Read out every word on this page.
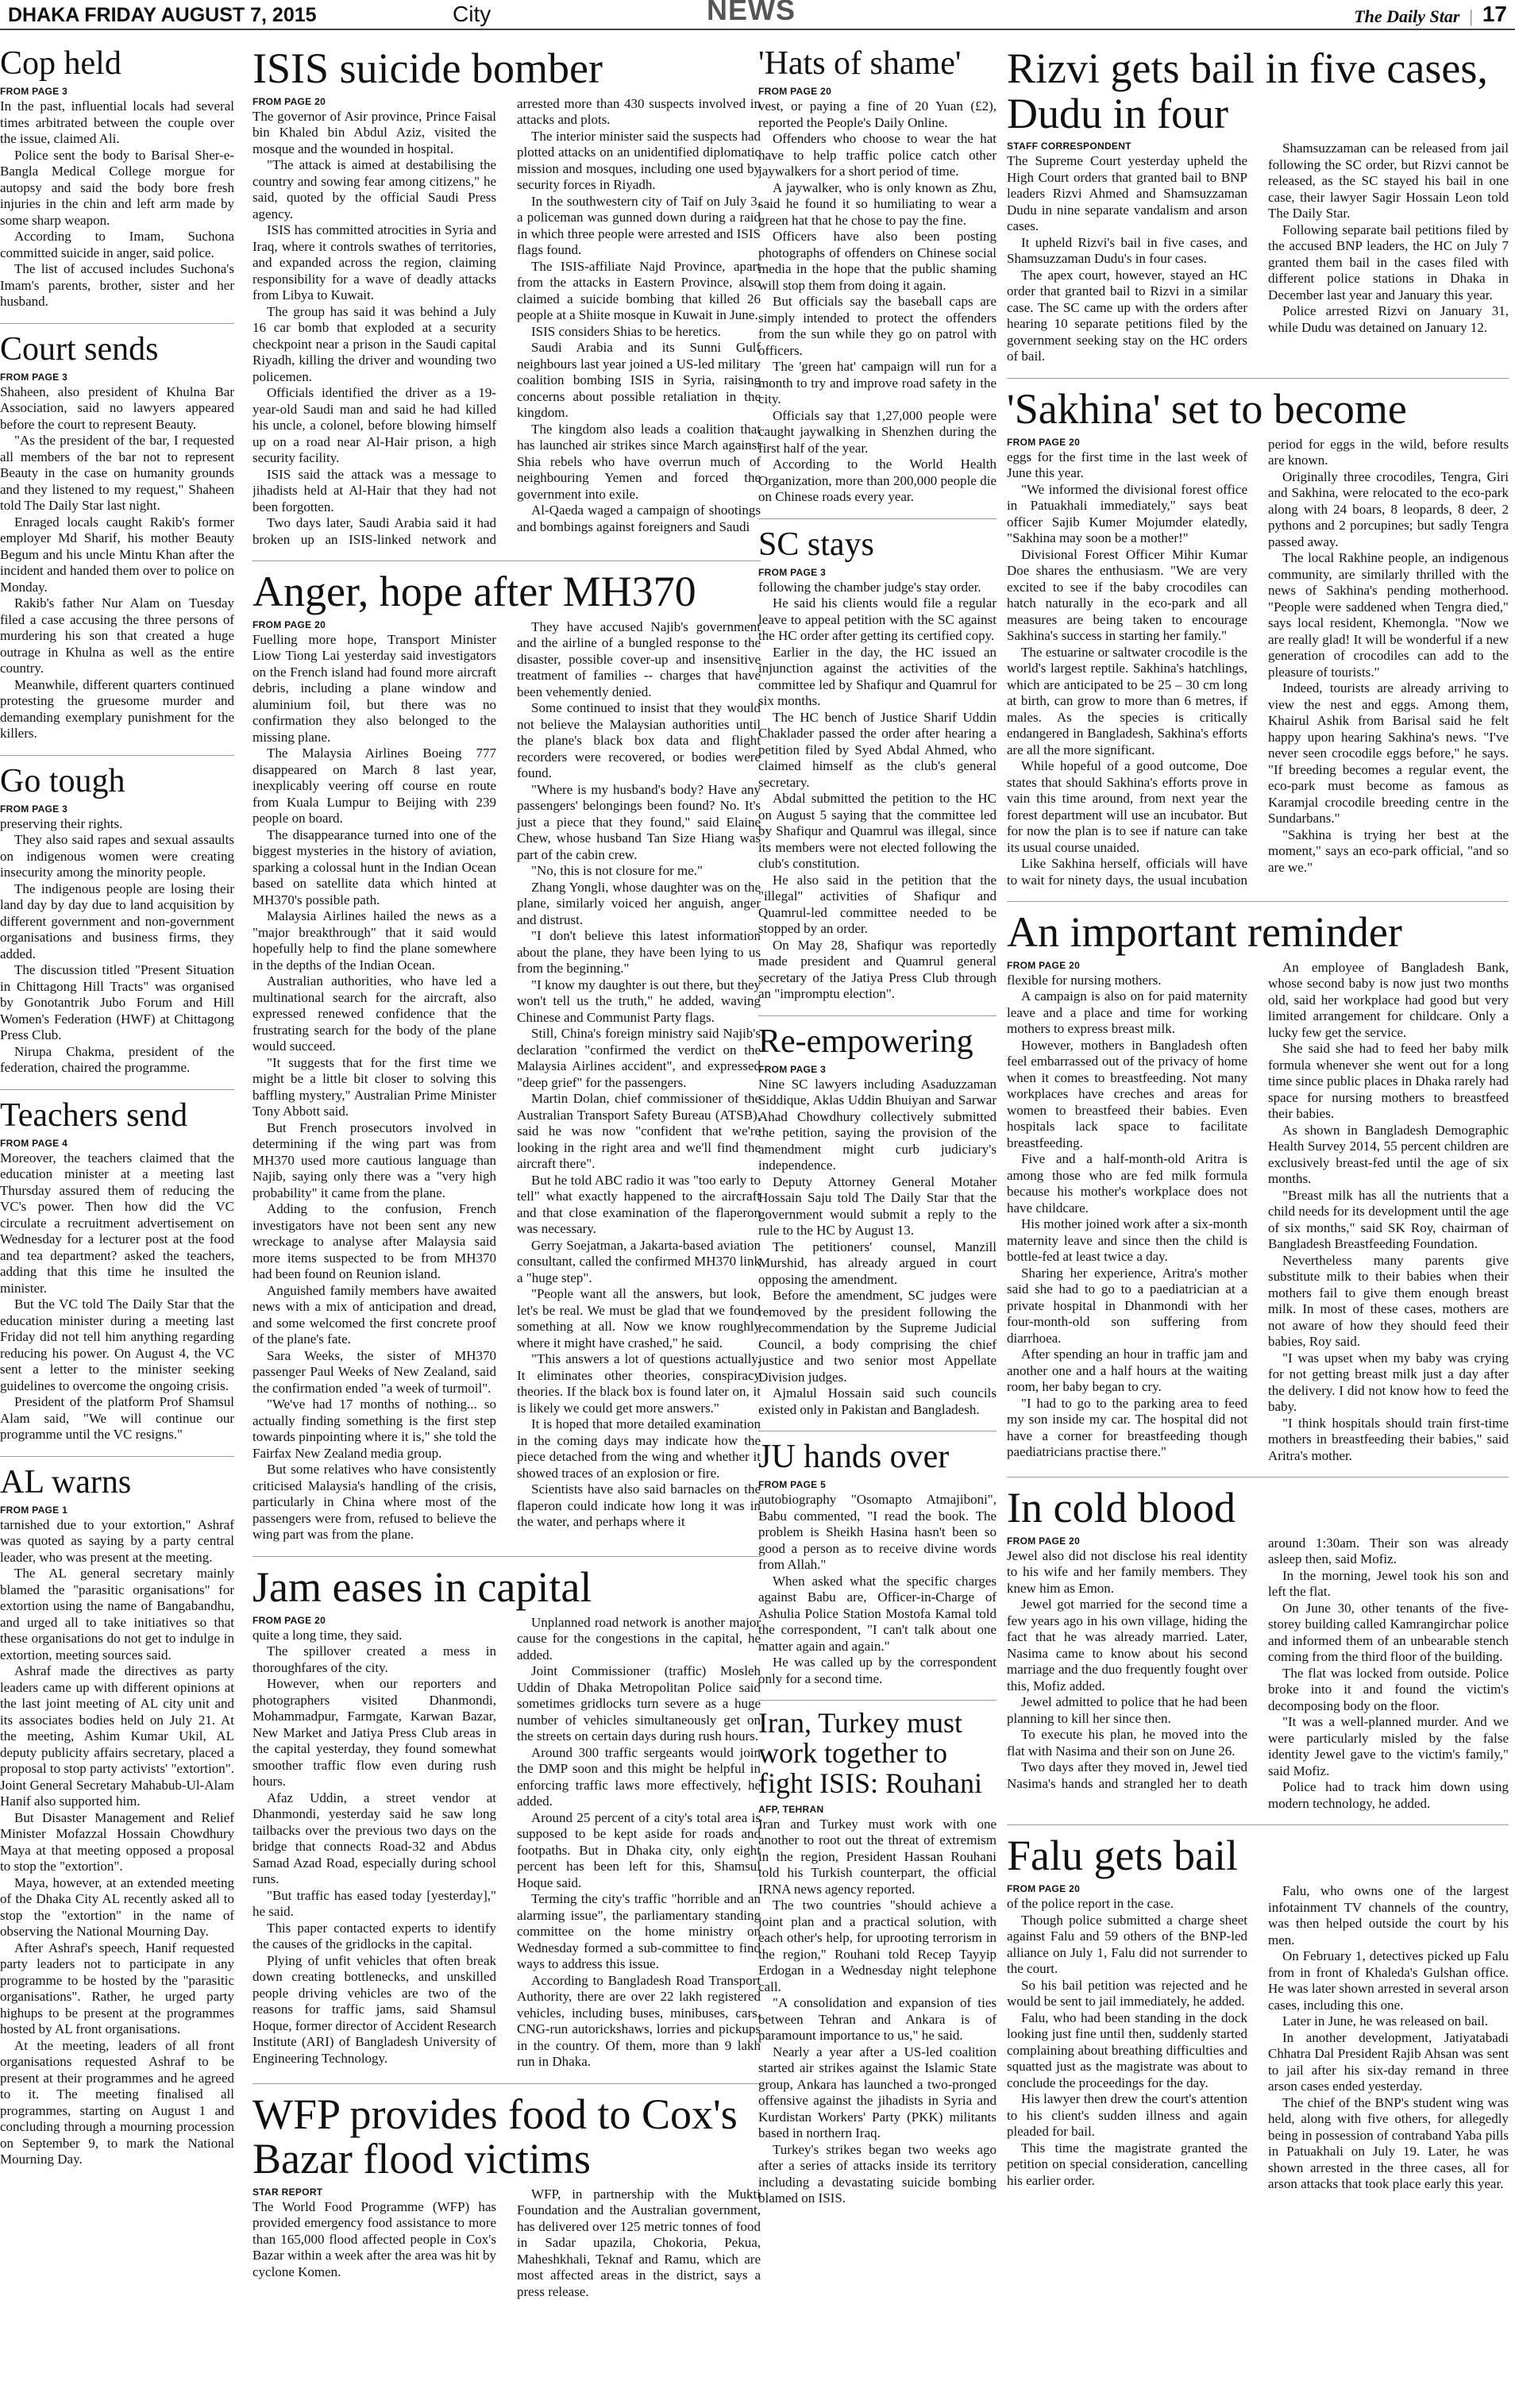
DHAKA FRIDAY AUGUST 7, 2015	City	NEWS	The Daily Star | 17
Cop held
FROM PAGE 3

In the past, influential locals had several times arbitrated between the couple over the issue, claimed Ali.

Police sent the body to Barisal Sher-e-Bangla Medical College morgue for autopsy and said the body bore fresh injuries in the chin and left arm made by some sharp weapon.

According to Imam, Suchona committed suicide in anger, said police.

The list of accused includes Suchona's Imam's parents, brother, sister and her husband.

Court sends
FROM PAGE 3

Shaheen, also president of Khulna Bar Association, said no lawyers appeared before the court to represent Beauty.

"As the president of the bar, I requested all members of the bar not to represent Beauty in the case on humanity grounds and they listened to my request," Shaheen told The Daily Star last night.

Enraged locals caught Rakib's former employer Md Sharif, his mother Beauty Begum and his uncle Mintu Khan after the incident and handed them over to police on Monday.

Rakib's father Nur Alam on Tuesday filed a case accusing the three persons of murdering his son that created a huge outrage in Khulna as well as the entire country.

Meanwhile, different quarters continued protesting the gruesome murder and demanding exemplary punishment for the killers.

Go tough
FROM PAGE 3

preserving their rights.

They also said rapes and sexual assaults on indigenous women were creating insecurity among the minority people.

The indigenous people are losing their land day by day due to land acquisition by different government and non-government organisations and business firms, they added.

The discussion titled "Present Situation in Chittagong Hill Tracts" was organised by Gonotantrik Jubo Forum and Hill Women's Federation (HWF) at Chittagong Press Club.

Nirupa Chakma, president of the federation, chaired the programme.

Teachers send
FROM PAGE 4

Moreover, the teachers claimed that the education minister at a meeting last Thursday assured them of reducing the VC's power. Then how did the VC circulate a recruitment advertisement on Wednesday for a lecturer post at the food and tea department? asked the teachers, adding that this time he insulted the minister.

But the VC told The Daily Star that the education minister during a meeting last Friday did not tell him anything regarding reducing his power. On August 4, the VC sent a letter to the minister seeking guidelines to overcome the ongoing crisis.

President of the platform Prof Shamsul Alam said, "We will continue our programme until the VC resigns."

AL warns
FROM PAGE 1

tarnished due to your extortion," Ashraf was quoted as saying by a party central leader, who was present at the meeting.

The AL general secretary mainly blamed the "parasitic organisations" for extortion using the name of Bangabandhu, and urged all to take initiatives so that these organisations do not get to indulge in extortion, meeting sources said.

Ashraf made the directives as party leaders came up with different opinions at the last joint meeting of AL city unit and its associates bodies held on July 21. At the meeting, Ashim Kumar Ukil, AL deputy publicity affairs secretary, placed a proposal to stop party activists' "extortion". Joint General Secretary Mahabub-Ul-Alam Hanif also supported him.

But Disaster Management and Relief Minister Mofazzal Hossain Chowdhury Maya at that meeting opposed a proposal to stop the "extortion".

Maya, however, at an extended meeting of the Dhaka City AL recently asked all to stop the "extortion" in the name of observing the National Mourning Day.

After Ashraf's speech, Hanif requested party leaders not to participate in any programme to be hosted by the "parasitic organisations". Rather, he urged party highups to be present at the programmes hosted by AL front organisations.

At the meeting, leaders of all front organisations requested Ashraf to be present at their programmes and he agreed to it. The meeting finalised all programmes, starting on August 1 and concluding through a mourning procession on September 9, to mark the National Mourning Day.

ISIS suicide bomber
FROM PAGE 20

The governor of Asir province, Prince Faisal bin Khaled bin Abdul Aziz, visited the mosque and the wounded in hospital.

"The attack is aimed at destabilising the country and sowing fear among citizens," he said, quoted by the official Saudi Press agency.

ISIS has committed atrocities in Syria and Iraq, where it controls swathes of territories, and expanded across the region, claiming responsibility for a wave of deadly attacks from Libya to Kuwait.

The group has said it was behind a July 16 car bomb that exploded at a security checkpoint near a prison in the Saudi capital Riyadh, killing the driver and wounding two policemen.

Officials identified the driver as a 19-year-old Saudi man and said he had killed his uncle, a colonel, before blowing himself up on a road near Al-Hair prison, a high security facility.

ISIS said the attack was a message to jihadists held at Al-Hair that they had not been forgotten.

Two days later, Saudi Arabia said it had broken up an ISIS-linked network and arrested more than 430 suspects involved in attacks and plots.

The interior minister said the suspects had plotted attacks on an unidentified diplomatic mission and mosques, including one used by security forces in Riyadh.

In the southwestern city of Taif on July 3, a policeman was gunned down during a raid in which three people were arrested and ISIS flags found.

The ISIS-affiliate Najd Province, apart from the attacks in Eastern Province, also claimed a suicide bombing that killed 26 people at a Shiite mosque in Kuwait in June.

ISIS considers Shias to be heretics.

Saudi Arabia and its Sunni Gulf neighbours last year joined a US-led military coalition bombing ISIS in Syria, raising concerns about possible retaliation in the kingdom.

The kingdom also leads a coalition that has launched air strikes since March against Shia rebels who have overrun much of neighbouring Yemen and forced the government into exile.

Al-Qaeda waged a campaign of shootings and bombings against foreigners and Saudi

Anger, hope after MH370
FROM PAGE 20

Fuelling more hope, Transport Minister Liow Tiong Lai yesterday said investigators on the French island had found more aircraft debris, including a plane window and aluminium foil, but there was no confirmation they also belonged to the missing plane.

The Malaysia Airlines Boeing 777 disappeared on March 8 last year, inexplicably veering off course en route from Kuala Lumpur to Beijing with 239 people on board.

The disappearance turned into one of the biggest mysteries in the history of aviation, sparking a colossal hunt in the Indian Ocean based on satellite data which hinted at MH370's possible path.

Malaysia Airlines hailed the news as a "major breakthrough" that it said would hopefully help to find the plane somewhere in the depths of the Indian Ocean.

Australian authorities, who have led a multinational search for the aircraft, also expressed renewed confidence that the frustrating search for the body of the plane would succeed.

"It suggests that for the first time we might be a little bit closer to solving this baffling mystery," Australian Prime Minister Tony Abbott said.

But French prosecutors involved in determining if the wing part was from MH370 used more cautious language than Najib, saying only there was a "very high probability" it came from the plane.

Adding to the confusion, French investigators have not been sent any new wreckage to analyse after Malaysia said more items suspected to be from MH370 had been found on Reunion island.

Anguished family members have awaited news with a mix of anticipation and dread, and some welcomed the first concrete proof of the plane's fate.

Sara Weeks, the sister of MH370 passenger Paul Weeks of New Zealand, said the confirmation ended "a week of turmoil".

"We've had 17 months of nothing... so actually finding something is the first step towards pinpointing where it is," she told the Fairfax New Zealand media group.

But some relatives who have consistently criticised Malaysia's handling of the crisis, particularly in China where most of the passengers were from, refused to believe the wing part was from the plane.

They have accused Najib's government and the airline of a bungled response to the disaster, possible cover-up and insensitive treatment of families -- charges that have been vehemently denied.

Some continued to insist that they would not believe the Malaysian authorities until the plane's black box data and flight recorders were recovered, or bodies were found.

"Where is my husband's body? Have any passengers' belongings been found? No. It's just a piece that they found," said Elaine Chew, whose husband Tan Size Hiang was part of the cabin crew.

"No, this is not closure for me."

Zhang Yongli, whose daughter was on the plane, similarly voiced her anguish, anger and distrust.

"I don't believe this latest information about the plane, they have been lying to us from the beginning."

"I know my daughter is out there, but they won't tell us the truth," he added, waving Chinese and Communist Party flags.

Still, China's foreign ministry said Najib's declaration "confirmed the verdict on the Malaysia Airlines accident", and expressed "deep grief" for the passengers.

Martin Dolan, chief commissioner of the Australian Transport Safety Bureau (ATSB), said he was now "confident that we're looking in the right area and we'll find the aircraft there".

But he told ABC radio it was "too early to tell" what exactly happened to the aircraft and that close examination of the flaperon was necessary.

Gerry Soejatman, a Jakarta-based aviation consultant, called the confirmed MH370 link a "huge step".

"People want all the answers, but look, let's be real. We must be glad that we found something at all. Now we know roughly where it might have crashed," he said.

"This answers a lot of questions actually. It eliminates other theories, conspiracy theories. If the black box is found later on, it is likely we could get more answers."

It is hoped that more detailed examination in the coming days may indicate how the piece detached from the wing and whether it showed traces of an explosion or fire.

Scientists have also said barnacles on the flaperon could indicate how long it was in the water, and perhaps where it

Jam eases in capital
FROM PAGE 20

quite a long time, they said.

The spillover created a mess in thoroughfares of the city.

However, when our reporters and photographers visited Dhanmondi, Mohammadpur, Farmgate, Karwan Bazar, New Market and Jatiya Press Club areas in the capital yesterday, they found somewhat smoother traffic flow even during rush hours.

Afaz Uddin, a street vendor at Dhanmondi, yesterday said he saw long tailbacks over the previous two days on the bridge that connects Road-32 and Abdus Samad Azad Road, especially during school runs.

"But traffic has eased today [yesterday]," he said.

This paper contacted experts to identify the causes of the gridlocks in the capital.

Plying of unfit vehicles that often break down creating bottlenecks, and unskilled people driving vehicles are two of the reasons for traffic jams, said Shamsul Hoque, former director of Accident Research Institute (ARI) of Bangladesh University of Engineering Technology.

Unplanned road network is another major cause for the congestions in the capital, he added.

Joint Commissioner (traffic) Mosleh Uddin of Dhaka Metropolitan Police said sometimes gridlocks turn severe as a huge number of vehicles simultaneously get on the streets on certain days during rush hours.

Around 300 traffic sergeants would join the DMP soon and this might be helpful in enforcing traffic laws more effectively, he added.

Around 25 percent of a city's total area is supposed to be kept aside for roads and footpaths. But in Dhaka city, only eight percent has been left for this, Shamsul Hoque said.

Terming the city's traffic "horrible and an alarming issue", the parliamentary standing committee on the home ministry on Wednesday formed a sub-committee to find ways to address this issue.

According to Bangladesh Road Transport Authority, there are over 22 lakh registered vehicles, including buses, minibuses, cars, CNG-run autorickshaws, lorries and pickups in the country. Of them, more than 9 lakh run in Dhaka.

WFP provides food to Cox's Bazar flood victims
STAR REPORT

The World Food Programme (WFP) has provided emergency food assistance to more than 165,000 flood affected people in Cox's Bazar within a week after the area was hit by cyclone Komen.

WFP, in partnership with the Mukti Foundation and the Australian government, has delivered over 125 metric tonnes of food in Sadar upazila, Chokoria, Pekua, Maheshkhali, Teknaf and Ramu, which are most affected areas in the district, says a press release.

'Hats of shame'
FROM PAGE 20

vest, or paying a fine of 20 Yuan (£2), reported the People's Daily Online.

Offenders who choose to wear the hat have to help traffic police catch other jaywalkers for a short period of time.

A jaywalker, who is only known as Zhu, said he found it so humiliating to wear a green hat that he chose to pay the fine.

Officers have also been posting photographs of offenders on Chinese social media in the hope that the public shaming will stop them from doing it again.

But officials say the baseball caps are simply intended to protect the offenders from the sun while they go on patrol with officers.

The 'green hat' campaign will run for a month to try and improve road safety in the city.

Officials say that 1,27,000 people were caught jaywalking in Shenzhen during the first half of the year.

According to the World Health Organization, more than 200,000 people die on Chinese roads every year.

SC stays
FROM PAGE 3

following the chamber judge's stay order.

He said his clients would file a regular leave to appeal petition with the SC against the HC order after getting its certified copy.

Earlier in the day, the HC issued an injunction against the activities of the committee led by Shafiqur and Quamrul for six months.

The HC bench of Justice Sharif Uddin Chaklader passed the order after hearing a petition filed by Syed Abdal Ahmed, who claimed himself as the club's general secretary.

Abdal submitted the petition to the HC on August 5 saying that the committee led by Shafiqur and Quamrul was illegal, since its members were not elected following the club's constitution.

He also said in the petition that the "illegal" activities of Shafiqur and Quamrul-led committee needed to be stopped by an order.

On May 28, Shafiqur was reportedly made president and Quamrul general secretary of the Jatiya Press Club through an "impromptu election".

Re-empowering
FROM PAGE 3

Nine SC lawyers including Asaduzzaman Siddique, Aklas Uddin Bhuiyan and Sarwar Ahad Chowdhury collectively submitted the petition, saying the provision of the amendment might curb judiciary's independence.

Deputy Attorney General Motaher Hossain Saju told The Daily Star that the government would submit a reply to the rule to the HC by August 13.

The petitioners' counsel, Manzill Murshid, has already argued in court opposing the amendment.

Before the amendment, SC judges were removed by the president following the recommendation by the Supreme Judicial Council, a body comprising the chief justice and two senior most Appellate Division judges.

Ajmalul Hossain said such councils existed only in Pakistan and Bangladesh.

JU hands over
FROM PAGE 5

autobiography "Osomapto Atmajiboni", Babu commented, "I read the book. The problem is Sheikh Hasina hasn't been so good a person as to receive divine words from Allah."

When asked what the specific charges against Babu are, Officer-in-Charge of Ashulia Police Station Mostofa Kamal told the correspondent, "I can't talk about one matter again and again."

He was called up by the correspondent only for a second time.

Iran, Turkey must work together to fight ISIS: Rouhani
AFP, TEHRAN

Iran and Turkey must work with one another to root out the threat of extremism in the region, President Hassan Rouhani told his Turkish counterpart, the official IRNA news agency reported.

The two countries "should achieve a joint plan and a practical solution, with each other's help, for uprooting terrorism in the region," Rouhani told Recep Tayyip Erdogan in a Wednesday night telephone call.

"A consolidation and expansion of ties between Tehran and Ankara is of paramount importance to us," he said.

Nearly a year after a US-led coalition started air strikes against the Islamic State group, Ankara has launched a two-pronged offensive against the jihadists in Syria and Kurdistan Workers' Party (PKK) militants based in northern Iraq.

Turkey's strikes began two weeks ago after a series of attacks inside its territory including a devastating suicide bombing blamed on ISIS.

Rizvi gets bail in five cases, Dudu in four
STAFF CORRESPONDENT

The Supreme Court yesterday upheld the High Court orders that granted bail to BNP leaders Rizvi Ahmed and Shamsuzzaman Dudu in nine separate vandalism and arson cases.

It upheld Rizvi's bail in five cases, and Shamsuzzaman Dudu's in four cases.

The apex court, however, stayed an HC order that granted bail to Rizvi in a similar case. The SC came up with the orders after hearing 10 separate petitions filed by the government seeking stay on the HC orders of bail.

Shamsuzzaman can be released from jail following the SC order, but Rizvi cannot be released, as the SC stayed his bail in one case, their lawyer Sagir Hossain Leon told The Daily Star.

Following separate bail petitions filed by the accused BNP leaders, the HC on July 7 granted them bail in the cases filed with different police stations in Dhaka in December last year and January this year.

Police arrested Rizvi on January 31, while Dudu was detained on January 12.

'Sakhina' set to become
FROM PAGE 20

eggs for the first time in the last week of June this year.

"We informed the divisional forest office in Patuakhali immediately," says beat officer Sajib Kumer Mojumder elatedly, "Sakhina may soon be a mother!"

Divisional Forest Officer Mihir Kumar Doe shares the enthusiasm. "We are very excited to see if the baby crocodiles can hatch naturally in the eco-park and all measures are being taken to encourage Sakhina's success in starting her family."

The estuarine or saltwater crocodile is the world's largest reptile. Sakhina's hatchlings, which are anticipated to be 25 – 30 cm long at birth, can grow to more than 6 metres, if males. As the species is critically endangered in Bangladesh, Sakhina's efforts are all the more significant.

While hopeful of a good outcome, Doe states that should Sakhina's efforts prove in vain this time around, from next year the forest department will use an incubator. But for now the plan is to see if nature can take its usual course unaided.

Like Sakhina herself, officials will have to wait for ninety days, the usual incubation period for eggs in the wild, before results are known.

Originally three crocodiles, Tengra, Giri and Sakhina, were relocated to the eco-park along with 24 boars, 8 leopards, 8 deer, 2 pythons and 2 porcupines; but sadly Tengra passed away.

The local Rakhine people, an indigenous community, are similarly thrilled with the news of Sakhina's pending motherhood. "People were saddened when Tengra died," says local resident, Khemongla. "Now we are really glad! It will be wonderful if a new generation of crocodiles can add to the pleasure of tourists."

Indeed, tourists are already arriving to view the nest and eggs. Among them, Khairul Ashik from Barisal said he felt happy upon hearing Sakhina's news. "I've never seen crocodile eggs before," he says. "If breeding becomes a regular event, the eco-park must become as famous as Karamjal crocodile breeding centre in the Sundarbans."

"Sakhina is trying her best at the moment," says an eco-park official, "and so are we."

An important reminder
FROM PAGE 20

flexible for nursing mothers.

A campaign is also on for paid maternity leave and a place and time for working mothers to express breast milk.

However, mothers in Bangladesh often feel embarrassed out of the privacy of home when it comes to breastfeeding. Not many workplaces have creches and areas for women to breastfeed their babies. Even hospitals lack space to facilitate breastfeeding.

Five and a half-month-old Aritra is among those who are fed milk formula because his mother's workplace does not have childcare.

His mother joined work after a six-month maternity leave and since then the child is bottle-fed at least twice a day.

Sharing her experience, Aritra's mother said she had to go to a paediatrician at a private hospital in Dhanmondi with her four-month-old son suffering from diarrhoea.

After spending an hour in traffic jam and another one and a half hours at the waiting room, her baby began to cry.

"I had to go to the parking area to feed my son inside my car. The hospital did not have a corner for breastfeeding though paediatricians practise there."

An employee of Bangladesh Bank, whose second baby is now just two months old, said her workplace had good but very limited arrangement for childcare. Only a lucky few get the service.

She said she had to feed her baby milk formula whenever she went out for a long time since public places in Dhaka rarely had space for nursing mothers to breastfeed their babies.

As shown in Bangladesh Demographic Health Survey 2014, 55 percent children are exclusively breast-fed until the age of six months.

"Breast milk has all the nutrients that a child needs for its development until the age of six months," said SK Roy, chairman of Bangladesh Breastfeeding Foundation.

Nevertheless many parents give substitute milk to their babies when their mothers fail to give them enough breast milk. In most of these cases, mothers are not aware of how they should feed their babies, Roy said.

"I was upset when my baby was crying for not getting breast milk just a day after the delivery. I did not know how to feed the baby.

"I think hospitals should train first-time mothers in breastfeeding their babies," said Aritra's mother.

In cold blood
FROM PAGE 20

Jewel also did not disclose his real identity to his wife and her family members. They knew him as Emon.

Jewel got married for the second time a few years ago in his own village, hiding the fact that he was already married. Later, Nasima came to know about his second marriage and the duo frequently fought over this, Mofiz added.

Jewel admitted to police that he had been planning to kill her since then.

To execute his plan, he moved into the flat with Nasima and their son on June 26.

Two days after they moved in, Jewel tied Nasima's hands and strangled her to death around 1:30am. Their son was already asleep then, said Mofiz.

In the morning, Jewel took his son and left the flat.

On June 30, other tenants of the five-storey building called Kamrangirchar police and informed them of an unbearable stench coming from the third floor of the building.

The flat was locked from outside. Police broke into it and found the victim's decomposing body on the floor.

"It was a well-planned murder. And we were particularly misled by the false identity Jewel gave to the victim's family," said Mofiz.

Police had to track him down using modern technology, he added.

Falu gets bail
FROM PAGE 20

of the police report in the case.

Though police submitted a charge sheet against Falu and 59 others of the BNP-led alliance on July 1, Falu did not surrender to the court.

So his bail petition was rejected and he would be sent to jail immediately, he added.

Falu, who had been standing in the dock looking just fine until then, suddenly started complaining about breathing difficulties and squatted just as the magistrate was about to conclude the proceedings for the day.

His lawyer then drew the court's attention to his client's sudden illness and again pleaded for bail.

This time the magistrate granted the petition on special consideration, cancelling his earlier order.

Falu, who owns one of the largest infotainment TV channels of the country, was then helped outside the court by his men.

On February 1, detectives picked up Falu from in front of Khaleda's Gulshan office. He was later shown arrested in several arson cases, including this one.

Later in June, he was released on bail.

In another development, Jatiyatabadi Chhatra Dal President Rajib Ahsan was sent to jail after his six-day remand in three arson cases ended yesterday.

The chief of the BNP's student wing was held, along with five others, for allegedly being in possession of contraband Yaba pills in Patuakhali on July 19. Later, he was shown arrested in the three cases, all for arson attacks that took place early this year.
